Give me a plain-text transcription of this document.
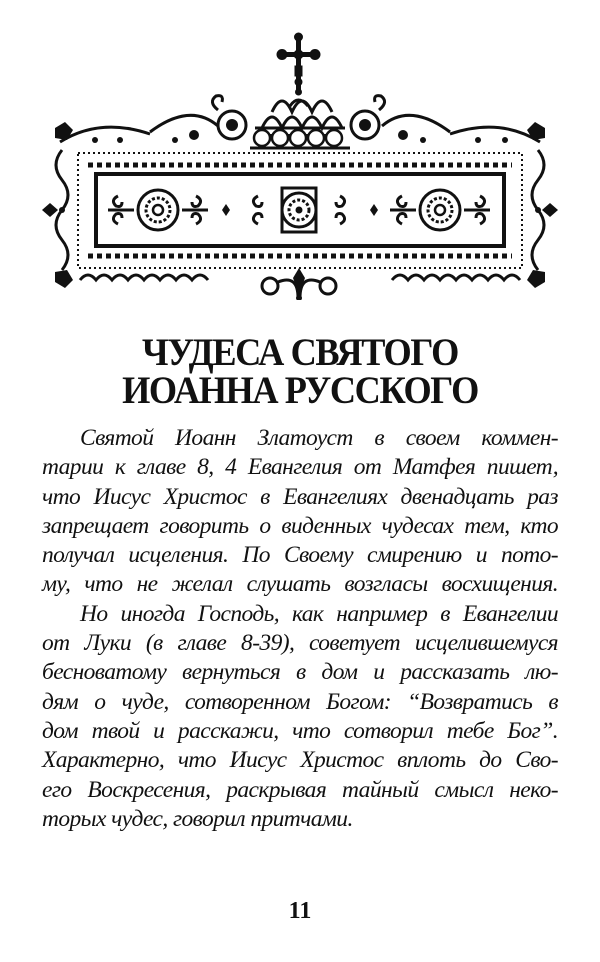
ЧУДЕСА СВЯТОГО
ИОАННА РУССКОГО
Святой Иоанн Златоуст в своем коммен-
тарии к главе 8, 4 Евангелия от Матфея пишет,
что Иисус Христос в Евангелиях двенадцать раз
запрещает говорить о виденных чудесах тем, кто
получал исцеления. По Своему смирению и пото-
му, что не желал слушать возгласы восхищения.
Но иногда Господь, как например в Евангелии
от Луки (в главе 8-39), советует исцелившемуся
бесноватому вернуться в дом и рассказать лю-
дям о чуде, сотворенном Богом: “Возвратись в
дом твой и расскажи, что сотворил тебе Бог”.
Характерно, что Иисус Христос вплоть до Сво-
его Воскресения, раскрывая тайный смысл неко-
торых чудес, говорил притчами.
11
